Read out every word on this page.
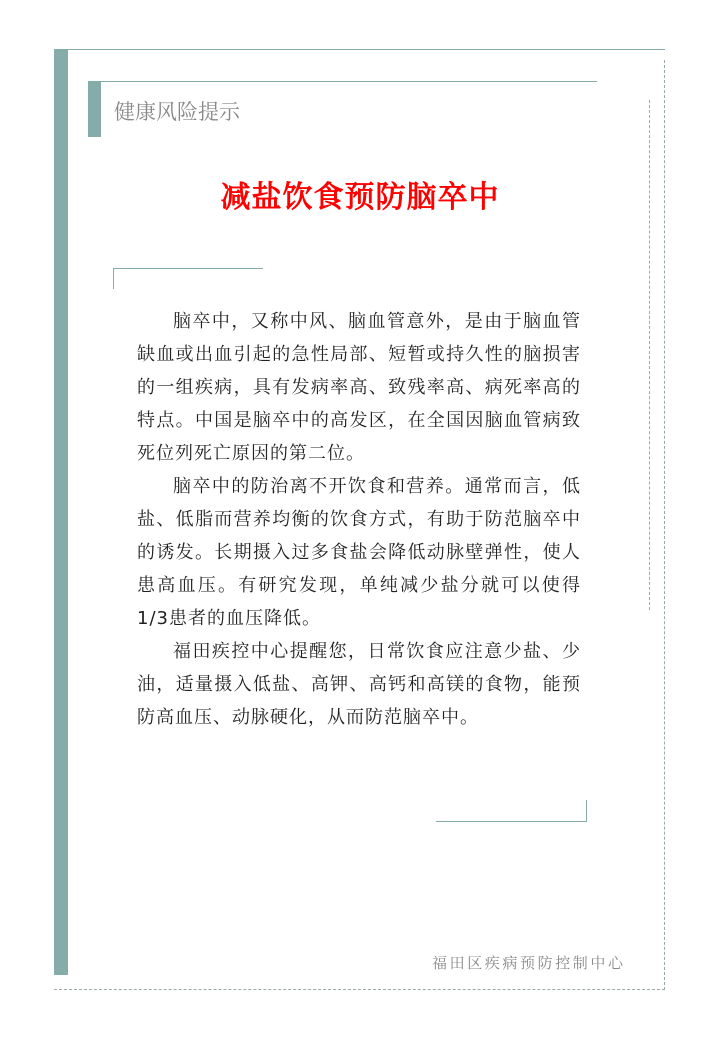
健康风险提示
减盐饮食预防脑卒中

脑卒中，又称中风、脑血管意外，是由于脑血管缺血或出血引起的急性局部、短暂或持久性的脑损害的一组疾病，具有发病率高、致残率高、病死率高的特点。中国是脑卒中的高发区，在全国因脑血管病致死位列死亡原因的第二位。

脑卒中的防治离不开饮食和营养。通常而言，低盐、低脂而营养均衡的饮食方式，有助于防范脑卒中的诱发。长期摄入过多食盐会降低动脉壁弹性，使人患高血压。有研究发现，单纯减少盐分就可以使得1/3患者的血压降低。

福田疾控中心提醒您，日常饮食应注意少盐、少油，适量摄入低盐、高钾、高钙和高镁的食物，能预防高血压、动脉硬化，从而防范脑卒中。

福田区疾病预防控制中心
